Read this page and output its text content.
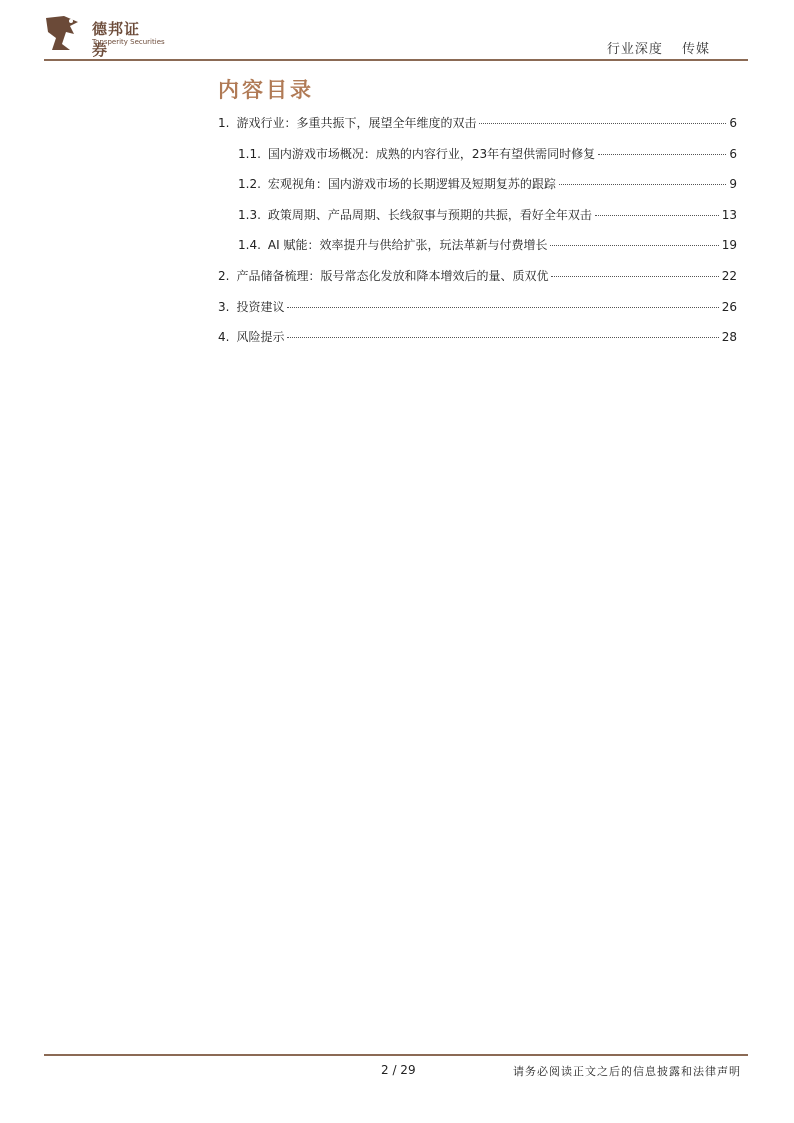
德邦证券
Topsperity Securities	行业深度 传媒
内容目录
1. 游戏行业：多重共振下，展望全年维度的双击	6
1.1. 国内游戏市场概况：成熟的内容行业，23年有望供需同时修复	6
1.2. 宏观视角：国内游戏市场的长期逻辑及短期复苏的跟踪	9
1.3. 政策周期、产品周期、长线叙事与预期的共振，看好全年双击	13
1.4. AI 赋能：效率提升与供给扩张，玩法革新与付费增长	19
2. 产品储备梳理：版号常态化发放和降本增效后的量、质双优	22
3. 投资建议	26
4. 风险提示	28
2 / 29	请务必阅读正文之后的信息披露和法律声明
